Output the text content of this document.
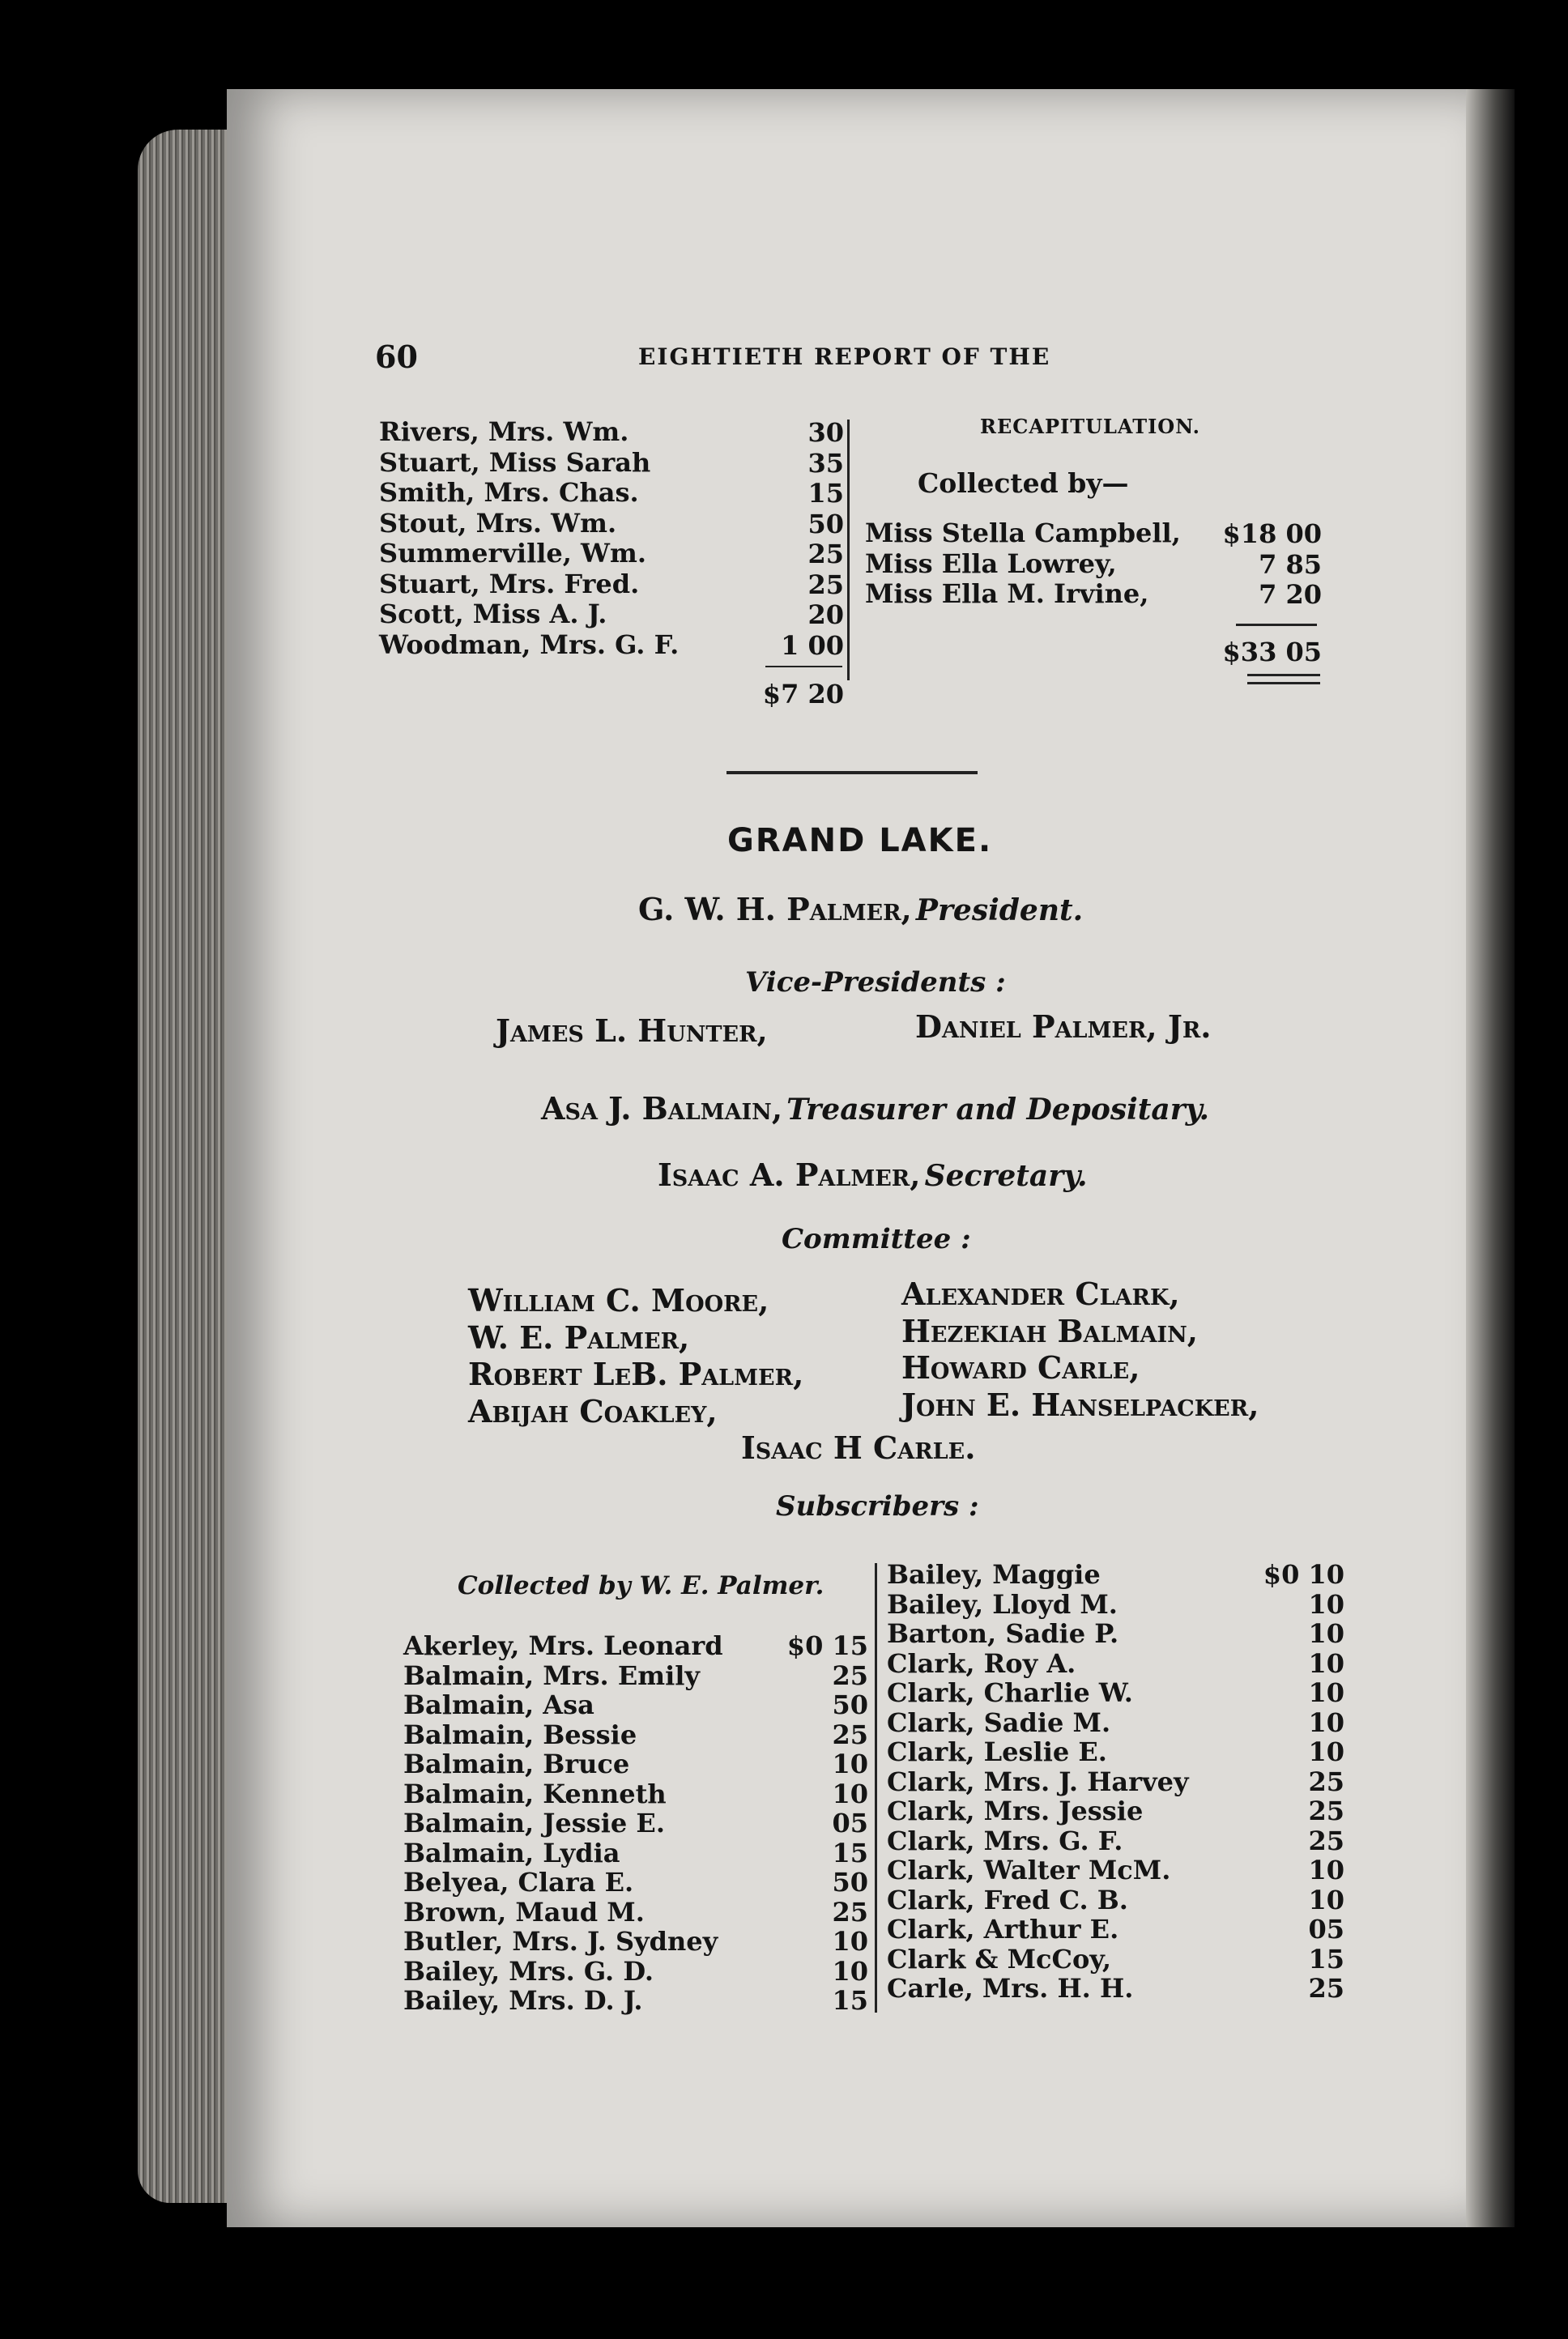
60	EIGHTIETH REPORT OF THE
Rivers, Mrs. Wm.	30
Stuart, Miss Sarah	35
Smith, Mrs. Chas.	15
Stout, Mrs. Wm.	50
Summerville, Wm.	25
Stuart, Mrs. Fred.	25
Scott, Miss A. J.	20
Woodman, Mrs. G. F.	1 00
$7 20
RECAPITULATION.
Collected by—
Miss Stella Campbell,	$18 00
Miss Ella Lowrey,	7 85
Miss Ella M. Irvine,	7 20
$33 05
GRAND LAKE.
G. W. H. Palmer, President.
Vice-Presidents :
James L. Hunter,	Daniel Palmer, Jr.
Asa J. Balmain, Treasurer and Depositary.
Isaac A. Palmer, Secretary.
Committee :
William C. Moore,
W. E. Palmer,
Robert LeB. Palmer,
Abijah Coakley,
Alexander Clark,
Hezekiah Balmain,
Howard Carle,
John E. Hanselpacker,
Isaac H Carle.
Subscribers :
Collected by W. E. Palmer.
Akerley, Mrs. Leonard	$0 15
Balmain, Mrs. Emily	25
Balmain, Asa	50
Balmain, Bessie	25
Balmain, Bruce	10
Balmain, Kenneth	10
Balmain, Jessie E.	05
Balmain, Lydia	15
Belyea, Clara E.	50
Brown, Maud M.	25
Butler, Mrs. J. Sydney	10
Bailey, Mrs. G. D.	10
Bailey, Mrs. D. J.	15
Bailey, Maggie	$0 10
Bailey, Lloyd M.	10
Barton, Sadie P.	10
Clark, Roy A.	10
Clark, Charlie W.	10
Clark, Sadie M.	10
Clark, Leslie E.	10
Clark, Mrs. J. Harvey	25
Clark, Mrs. Jessie	25
Clark, Mrs. G. F.	25
Clark, Walter McM.	10
Clark, Fred C. B.	10
Clark, Arthur E.	05
Clark & McCoy,	15
Carle, Mrs. H. H.	25
